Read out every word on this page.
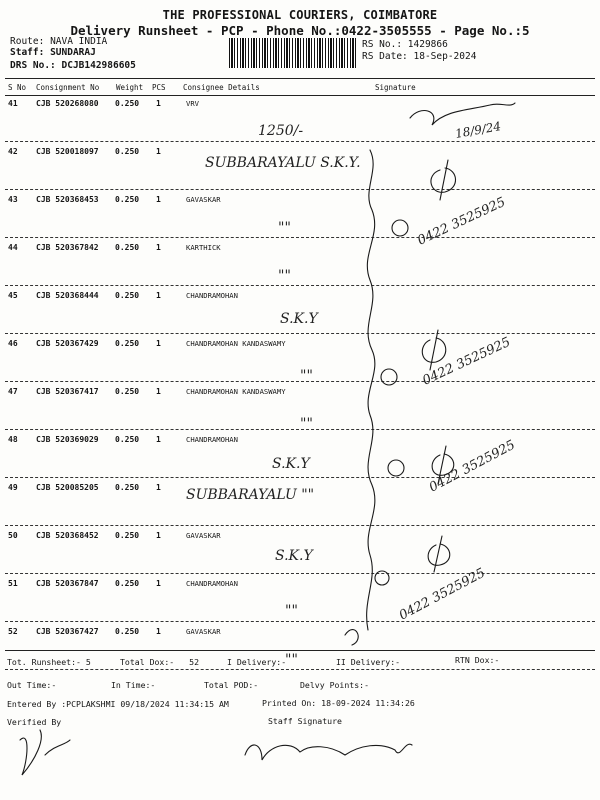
THE PROFESSIONAL COURIERS, COIMBATORE
Delivery Runsheet - PCP - Phone No.:0422-3505555 - Page No.:5
Route: NAVA INDIA
Staff: SUNDARAJ
DRS No.: DCJB142986605
RS No.: 1429866
RS Date: 18-Sep-2024
S No Consignment No Weight PCS Consignee Details	Signature
41 CJB 520268080 0.250 1	VRV
1250/-
42 CJB 520018097 0.250 1
SUBBARAYALU S.K.Y.
43 CJB 520368453 0.250 1	GAVASKAR
""
44 CJB 520367842 0.250 1	KARTHICK
""
45 CJB 520368444 0.250 1	CHANDRAMOHAN
S.K.Y
46 CJB 520367429 0.250 1	CHANDRAMOHAN KANDASWAMY
""
47 CJB 520367417 0.250 1	CHANDRAMOHAN KANDASWAMY
""
48 CJB 520369029 0.250 1	CHANDRAMOHAN
S.K.Y
49 CJB 520085205 0.250 1 SUBBARAYALU ""
50 CJB 520368452 0.250 1	GAVASKAR
S.K.Y
51 CJB 520367847 0.250 1	CHANDRAMOHAN
""
52 CJB 520367427 0.250 1	GAVASKAR
""
Tot. Runsheet:- 5	Total Dox:- 52	I Delivery:-	II Delivery:-	RTN Dox:-
Out Time:-	In Time:-	Total POD:-	Delvy Points:-
Entered By :PCPLAKSHMI 09/18/2024 11:34:15 AM	Printed On: 18-09-2024 11:34:26
Verified By	Staff Signature
18/9/24
0422 3525925
0422 3525925
0422 3525925
0422 3525925
